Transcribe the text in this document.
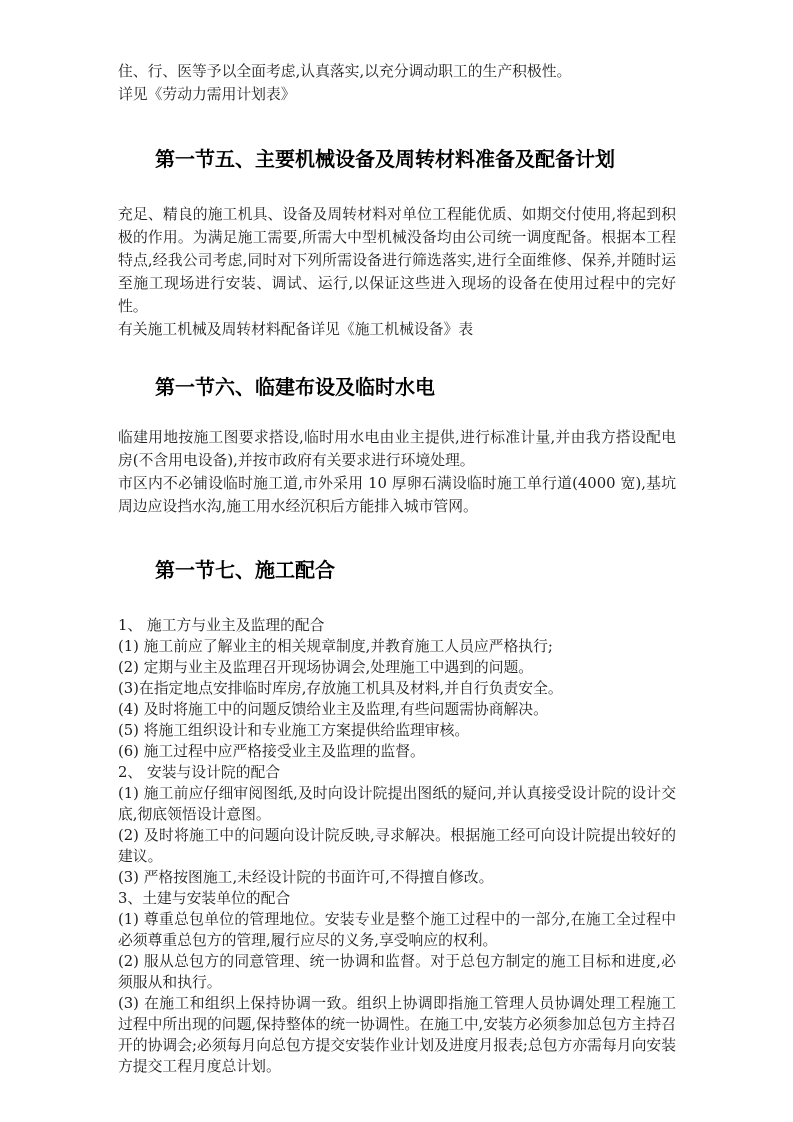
住、行、医等予以全面考虑,认真落实,以充分调动职工的生产积极性。

详见《劳动力需用计划表》

第一节五、主要机械设备及周转材料准备及配备计划

充足、精良的施工机具、设备及周转材料对单位工程能优质、如期交付使用,将起到积极的作用。为满足施工需要,所需大中型机械没备均由公司统一调度配备。根据本工程特点,经我公司考虑,同时对下列所需设备进行筛选落实,进行全面维修、保养,并随时运至施工现场进行安装、调试、运行,以保证这些进入现场的设备在使用过程中的完好性。

有关施工机械及周转材料配备详见《施工机械设备》表

第一节六、临建布设及临时水电

临建用地按施工图要求搭设,临时用水电由业主提供,进行标准计量,并由我方搭设配电房(不含用电设备),并按市政府有关要求进行环境处理。

市区内不必铺设临时施工道,市外采用 10 厚卵石满设临时施工单行道(4000 宽),基坑周边应设挡水沟,施工用水经沉积后方能排入城市管网。

第一节七、施工配合

1、 施工方与业主及监理的配合

(1) 施工前应了解业主的相关规章制度,并教育施工人员应严格执行;

(2) 定期与业主及监理召开现场协调会,处理施工中遇到的问题。

(3)在指定地点安排临时库房,存放施工机具及材料,并自行负责安全。

(4) 及时将施工中的问题反馈给业主及监理,有些问题需协商解决。

(5) 将施工组织设计和专业施工方案提供给监理审核。

(6) 施工过程中应严格接受业主及监理的监督。

2、 安装与设计院的配合

(1) 施工前应仔细审阅图纸,及时向设计院提出图纸的疑问,并认真接受设计院的设计交底,彻底领悟设计意图。

(2) 及时将施工中的问题向设计院反映,寻求解决。根据施工经可向设计院提出较好的建议。

(3) 严格按图施工,未经设计院的书面许可,不得擅自修改。

3、土建与安装单位的配合

(1) 尊重总包单位的管理地位。安装专业是整个施工过程中的一部分,在施工全过程中必须尊重总包方的管理,履行应尽的义务,享受响应的权利。

(2) 服从总包方的同意管理、统一协调和监督。对于总包方制定的施工目标和进度,必须服从和执行。

(3) 在施工和组织上保持协调一致。组织上协调即指施工管理人员协调处理工程施工过程中所出现的问题,保持整体的统一协调性。在施工中,安装方必须参加总包方主持召开的协调会;必须每月向总包方提交安装作业计划及进度月报表;总包方亦需每月向安装方提交工程月度总计划。
